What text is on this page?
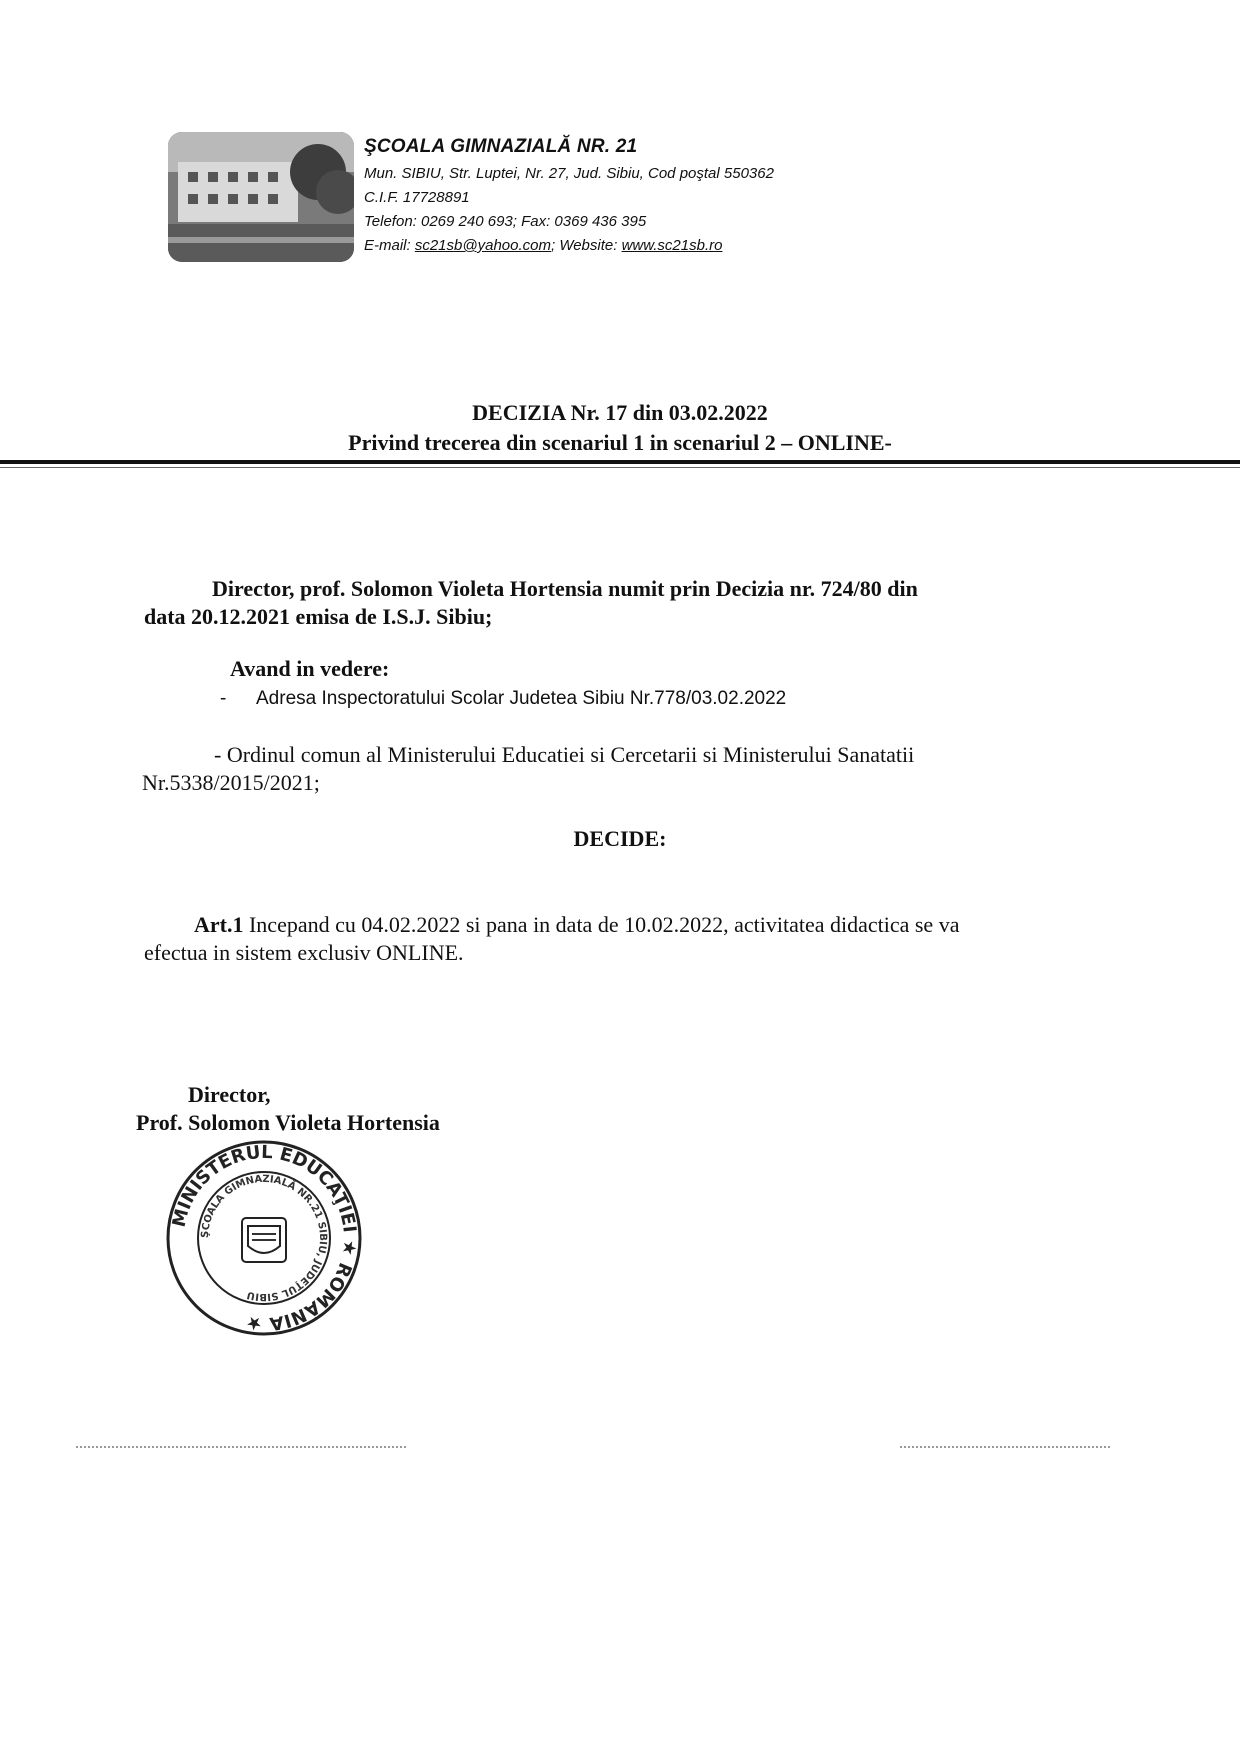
ŞCOALA GIMNAZIALĂ NR. 21
Mun. SIBIU, Str. Luptei, Nr. 27, Jud. Sibiu, Cod poştal 550362
C.I.F. 17728891
Telefon: 0269 240 693; Fax: 0369 436 395
E-mail: sc21sb@yahoo.com; Website: www.sc21sb.ro
DECIZIA Nr. 17 din 03.02.2022
Privind trecerea din scenariul 1 in scenariul 2 – ONLINE-
Director, prof. Solomon Violeta Hortensia numit prin Decizia nr. 724/80 din
data 20.12.2021 emisa de I.S.J. Sibiu;
Avand in vedere:
- Adresa Inspectoratului Scolar Judetea Sibiu Nr.778/03.02.2022
- Ordinul comun al Ministerului Educatiei si Cercetarii si Ministerului Sanatatii
Nr.5338/2015/2021;
DECIDE:
Art.1 Incepand cu 04.02.2022 si pana in data de 10.02.2022, activitatea didactica se va
efectua in sistem exclusiv ONLINE.
Director,
Prof. Solomon Violeta Hortensia
MINISTERUL EDUCAŢIEI ★ ROMÂNIA ★
ŞCOALA GIMNAZIALĂ NR.21 SIBIU, JUDEŢUL SIBIU
